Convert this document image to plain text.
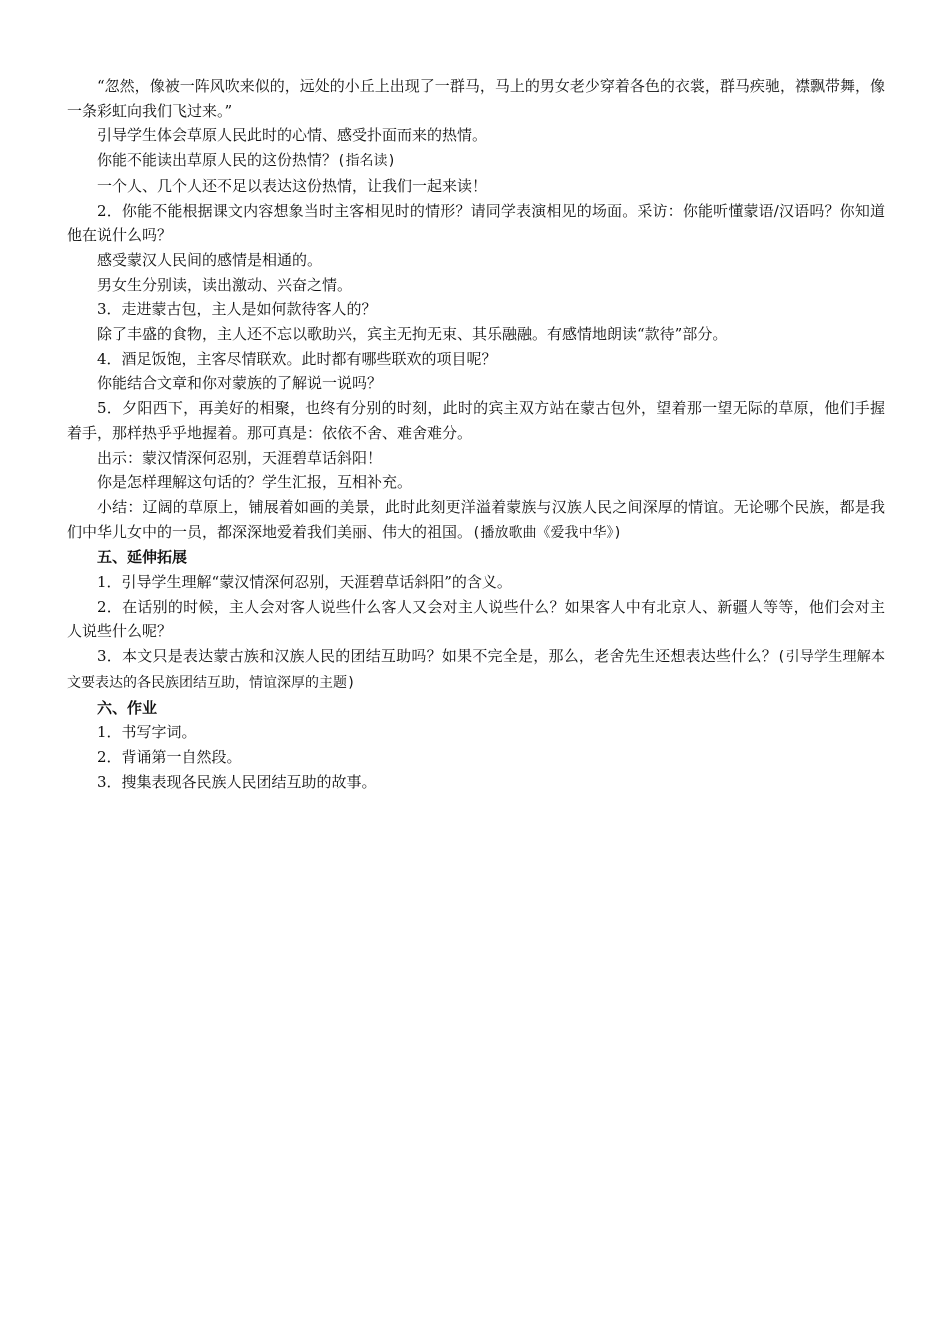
“忽然，像被一阵风吹来似的，远处的小丘上出现了一群马，马上的男女老少穿着各色的衣裳，群马疾驰，襟飘带舞，像一条彩虹向我们飞过来。”

引导学生体会草原人民此时的心情、感受扑面而来的热情。

你能不能读出草原人民的这份热情？(指名读)

一个人、几个人还不足以表达这份热情，让我们一起来读！

2．你能不能根据课文内容想象当时主客相见时的情形？请同学表演相见的场面。采访：你能听懂蒙语/汉语吗？你知道他在说什么吗？

感受蒙汉人民间的感情是相通的。

男女生分别读，读出激动、兴奋之情。

3．走进蒙古包，主人是如何款待客人的？

除了丰盛的食物，主人还不忘以歌助兴，宾主无拘无束、其乐融融。有感情地朗读“款待”部分。

4．酒足饭饱，主客尽情联欢。此时都有哪些联欢的项目呢？

你能结合文章和你对蒙族的了解说一说吗？

5．夕阳西下，再美好的相聚，也终有分别的时刻，此时的宾主双方站在蒙古包外，望着那一望无际的草原，他们手握着手，那样热乎乎地握着。那可真是：依依不舍、难舍难分。

出示：蒙汉情深何忍别，天涯碧草话斜阳！

你是怎样理解这句话的？学生汇报，互相补充。

小结：辽阔的草原上，铺展着如画的美景，此时此刻更洋溢着蒙族与汉族人民之间深厚的情谊。无论哪个民族，都是我们中华儿女中的一员，都深深地爱着我们美丽、伟大的祖国。(播放歌曲《爱我中华》)

五、延伸拓展

1．引导学生理解“蒙汉情深何忍别，天涯碧草话斜阳”的含义。

2．在话别的时候，主人会对客人说些什么客人又会对主人说些什么？如果客人中有北京人、新疆人等等，他们会对主人说些什么呢？

3．本文只是表达蒙古族和汉族人民的团结互助吗？如果不完全是，那么，老舍先生还想表达些什么？(引导学生理解本文要表达的各民族团结互助，情谊深厚的主题)

六、作业

1．书写字词。

2．背诵第一自然段。

3．搜集表现各民族人民团结互助的故事。
